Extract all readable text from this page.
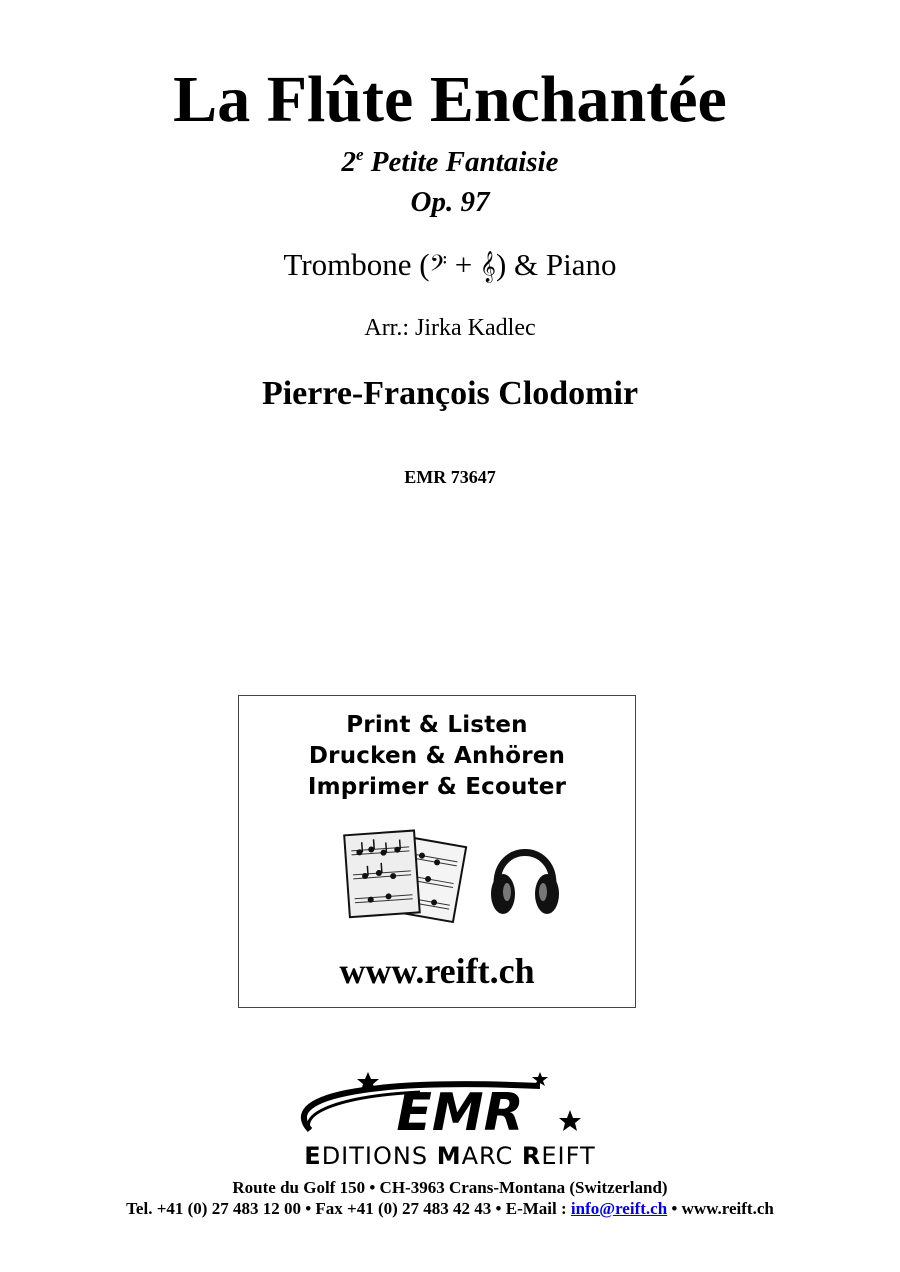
La Flûte Enchantée
2e Petite Fantaisie
Op. 97
Trombone (𝄢 + 𝄞) & Piano
Arr.: Jirka Kadlec
Pierre-François Clodomir
EMR 73647
Print & Listen
Drucken & Anhören
Imprimer & Ecouter
www.reift.ch
EMR
EDITIONS MARC REIFT
Route du Golf 150 • CH-3963 Crans-Montana (Switzerland)
Tel. +41 (0) 27 483 12 00 • Fax +41 (0) 27 483 42 43 • E-Mail : info@reift.ch • www.reift.ch
